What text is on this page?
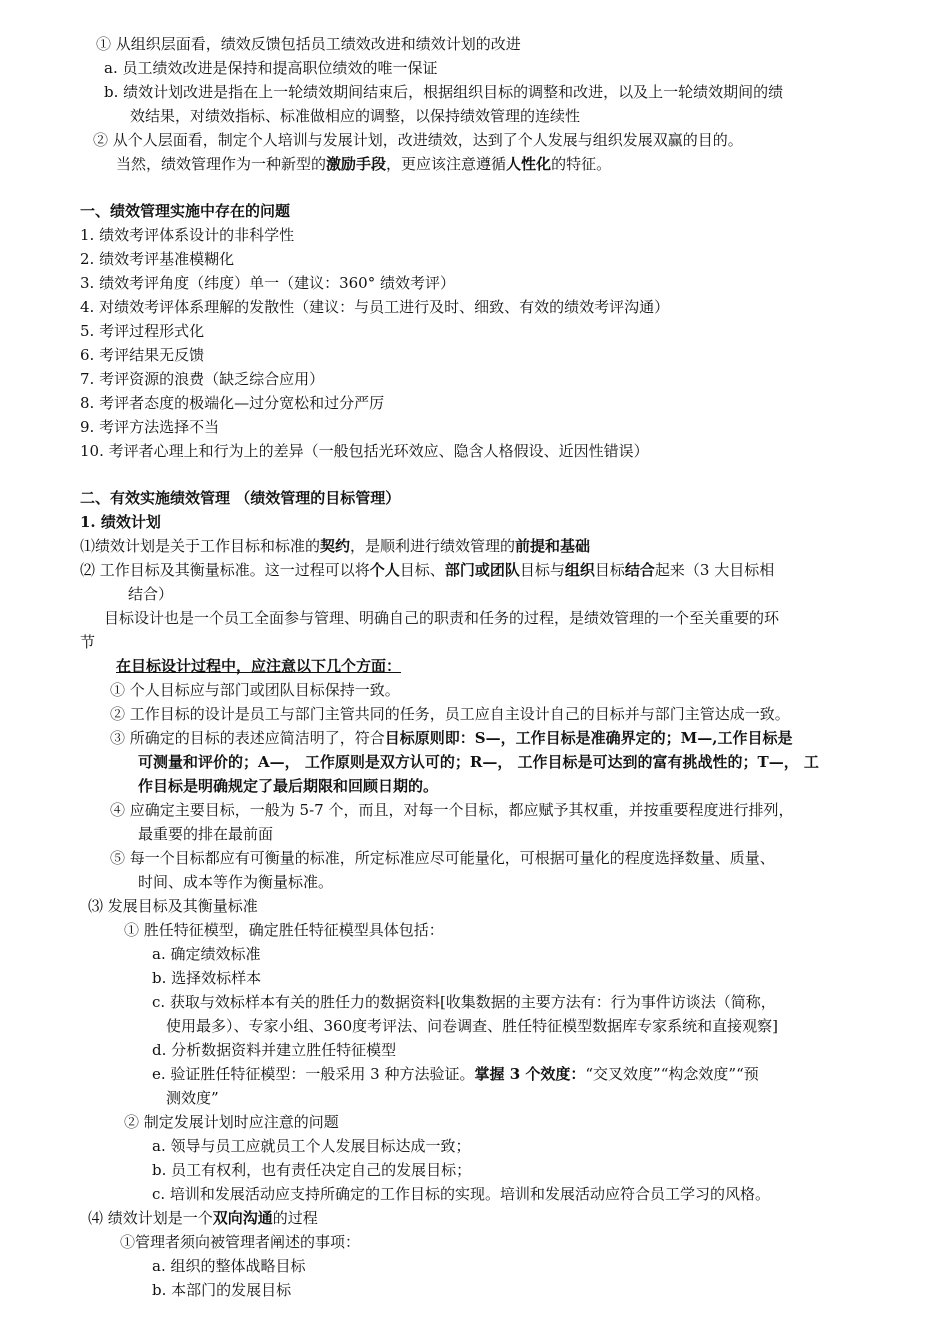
① 从组织层面看，绩效反馈包括员工绩效改进和绩效计划的改进
a. 员工绩效改进是保持和提高职位绩效的唯一保证
b. 绩效计划改进是指在上一轮绩效期间结束后，根据组织目标的调整和改进，以及上一轮绩效期间的绩
效结果，对绩效指标、标准做相应的调整，以保持绩效管理的连续性
② 从个人层面看，制定个人培训与发展计划，改进绩效，达到了个人发展与组织发展双赢的目的。
当然，绩效管理作为一种新型的激励手段，更应该注意遵循人性化的特征。
一、绩效管理实施中存在的问题
1. 绩效考评体系设计的非科学性
2. 绩效考评基准模糊化
3. 绩效考评角度（纬度）单一（建议：360° 绩效考评）
4. 对绩效考评体系理解的发散性（建议：与员工进行及时、细致、有效的绩效考评沟通）
5. 考评过程形式化
6. 考评结果无反馈
7. 考评资源的浪费（缺乏综合应用）
8. 考评者态度的极端化—过分宽松和过分严厉
9. 考评方法选择不当
10. 考评者心理上和行为上的差异（一般包括光环效应、隐含人格假设、近因性错误）
二、有效实施绩效管理 （绩效管理的目标管理）
1. 绩效计划
⑴绩效计划是关于工作目标和标准的契约，是顺利进行绩效管理的前提和基础
⑵ 工作目标及其衡量标准。这一过程可以将个人目标、部门或团队目标与组织目标结合起来（3 大目标相
结合）
目标设计也是一个员工全面参与管理、明确自己的职责和任务的过程，是绩效管理的一个至关重要的环
节
在目标设计过程中，应注意以下几个方面：
① 个人目标应与部门或团队目标保持一致。
② 工作目标的设计是员工与部门主管共同的任务，员工应自主设计自己的目标并与部门主管达成一致。
③ 所确定的目标的表述应简洁明了，符合目标原则即：S—，工作目标是准确界定的；M—,工作目标是
可测量和评价的；A—， 工作原则是双方认可的；R—， 工作目标是可达到的富有挑战性的；T—， 工
作目标是明确规定了最后期限和回顾日期的。
④ 应确定主要目标，一般为 5-7 个，而且，对每一个目标，都应赋予其权重，并按重要程度进行排列，
最重要的排在最前面
⑤ 每一个目标都应有可衡量的标准，所定标准应尽可能量化，可根据可量化的程度选择数量、质量、
时间、成本等作为衡量标准。
⑶ 发展目标及其衡量标准
① 胜任特征模型，确定胜任特征模型具体包括：
a. 确定绩效标准
b. 选择效标样本
c. 获取与效标样本有关的胜任力的数据资料[收集数据的主要方法有：行为事件访谈法（简称，
使用最多）、专家小组、360度考评法、问卷调查、胜任特征模型数据库专家系统和直接观察]
d. 分析数据资料并建立胜任特征模型
e. 验证胜任特征模型：一般采用 3 种方法验证。掌握 3 个效度：“交叉效度”“构念效度”“预
测效度”
② 制定发展计划时应注意的问题
a. 领导与员工应就员工个人发展目标达成一致；
b. 员工有权利，也有责任决定自己的发展目标；
c. 培训和发展活动应支持所确定的工作目标的实现。培训和发展活动应符合员工学习的风格。
⑷ 绩效计划是一个双向沟通的过程
①管理者须向被管理者阐述的事项：
a. 组织的整体战略目标
b. 本部门的发展目标
